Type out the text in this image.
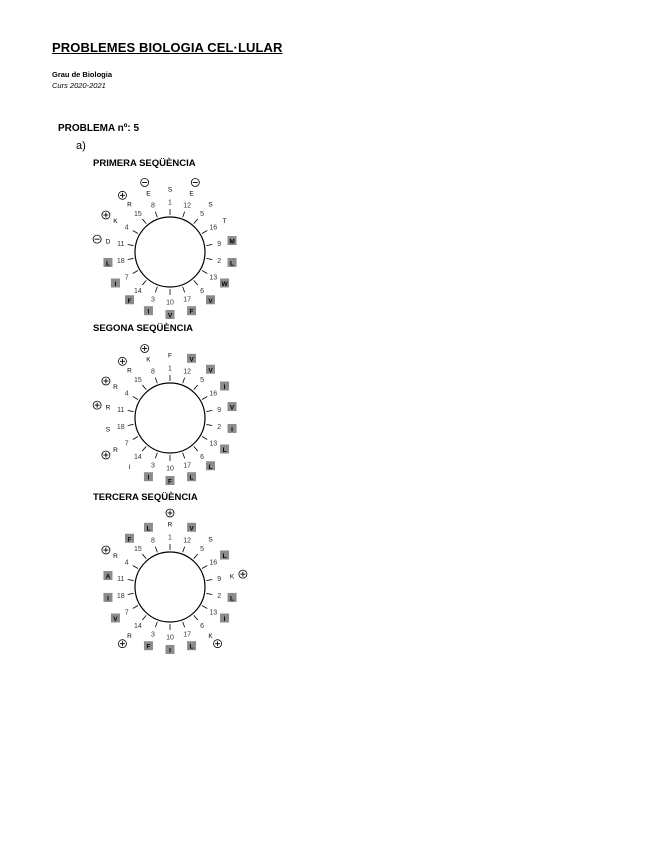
PROBLEMES BIOLOGIA CEL·LULAR
Grau de Biologia
Curs 2020-2021
PROBLEMA nº: 5
a)
PRIMERA SEQÜÈNCIA
1
S
2 L
3
I
4
K
5
S
6
V
7
I
8
E
9 M
10
V
11
D
12
E
13
W
14
F
15
R
16
T
17
F
18
L
SEGONA SEQÜÈNCIA
1
F
2 I
3
I
4
R
5
V
6
L
7
R
8
K
9 V
10
F
11
R
12
V
13
L
14
I
15
R
16
I
17
L
18
S
TERCERA SEQÜÈNCIA
1
R
2 L
3
F
4
R
5
S
6
K
7
V
8
L
9 K
10
I
11
A
12
V
13
I
14
R
15
F
16
L
17
L
18
I
